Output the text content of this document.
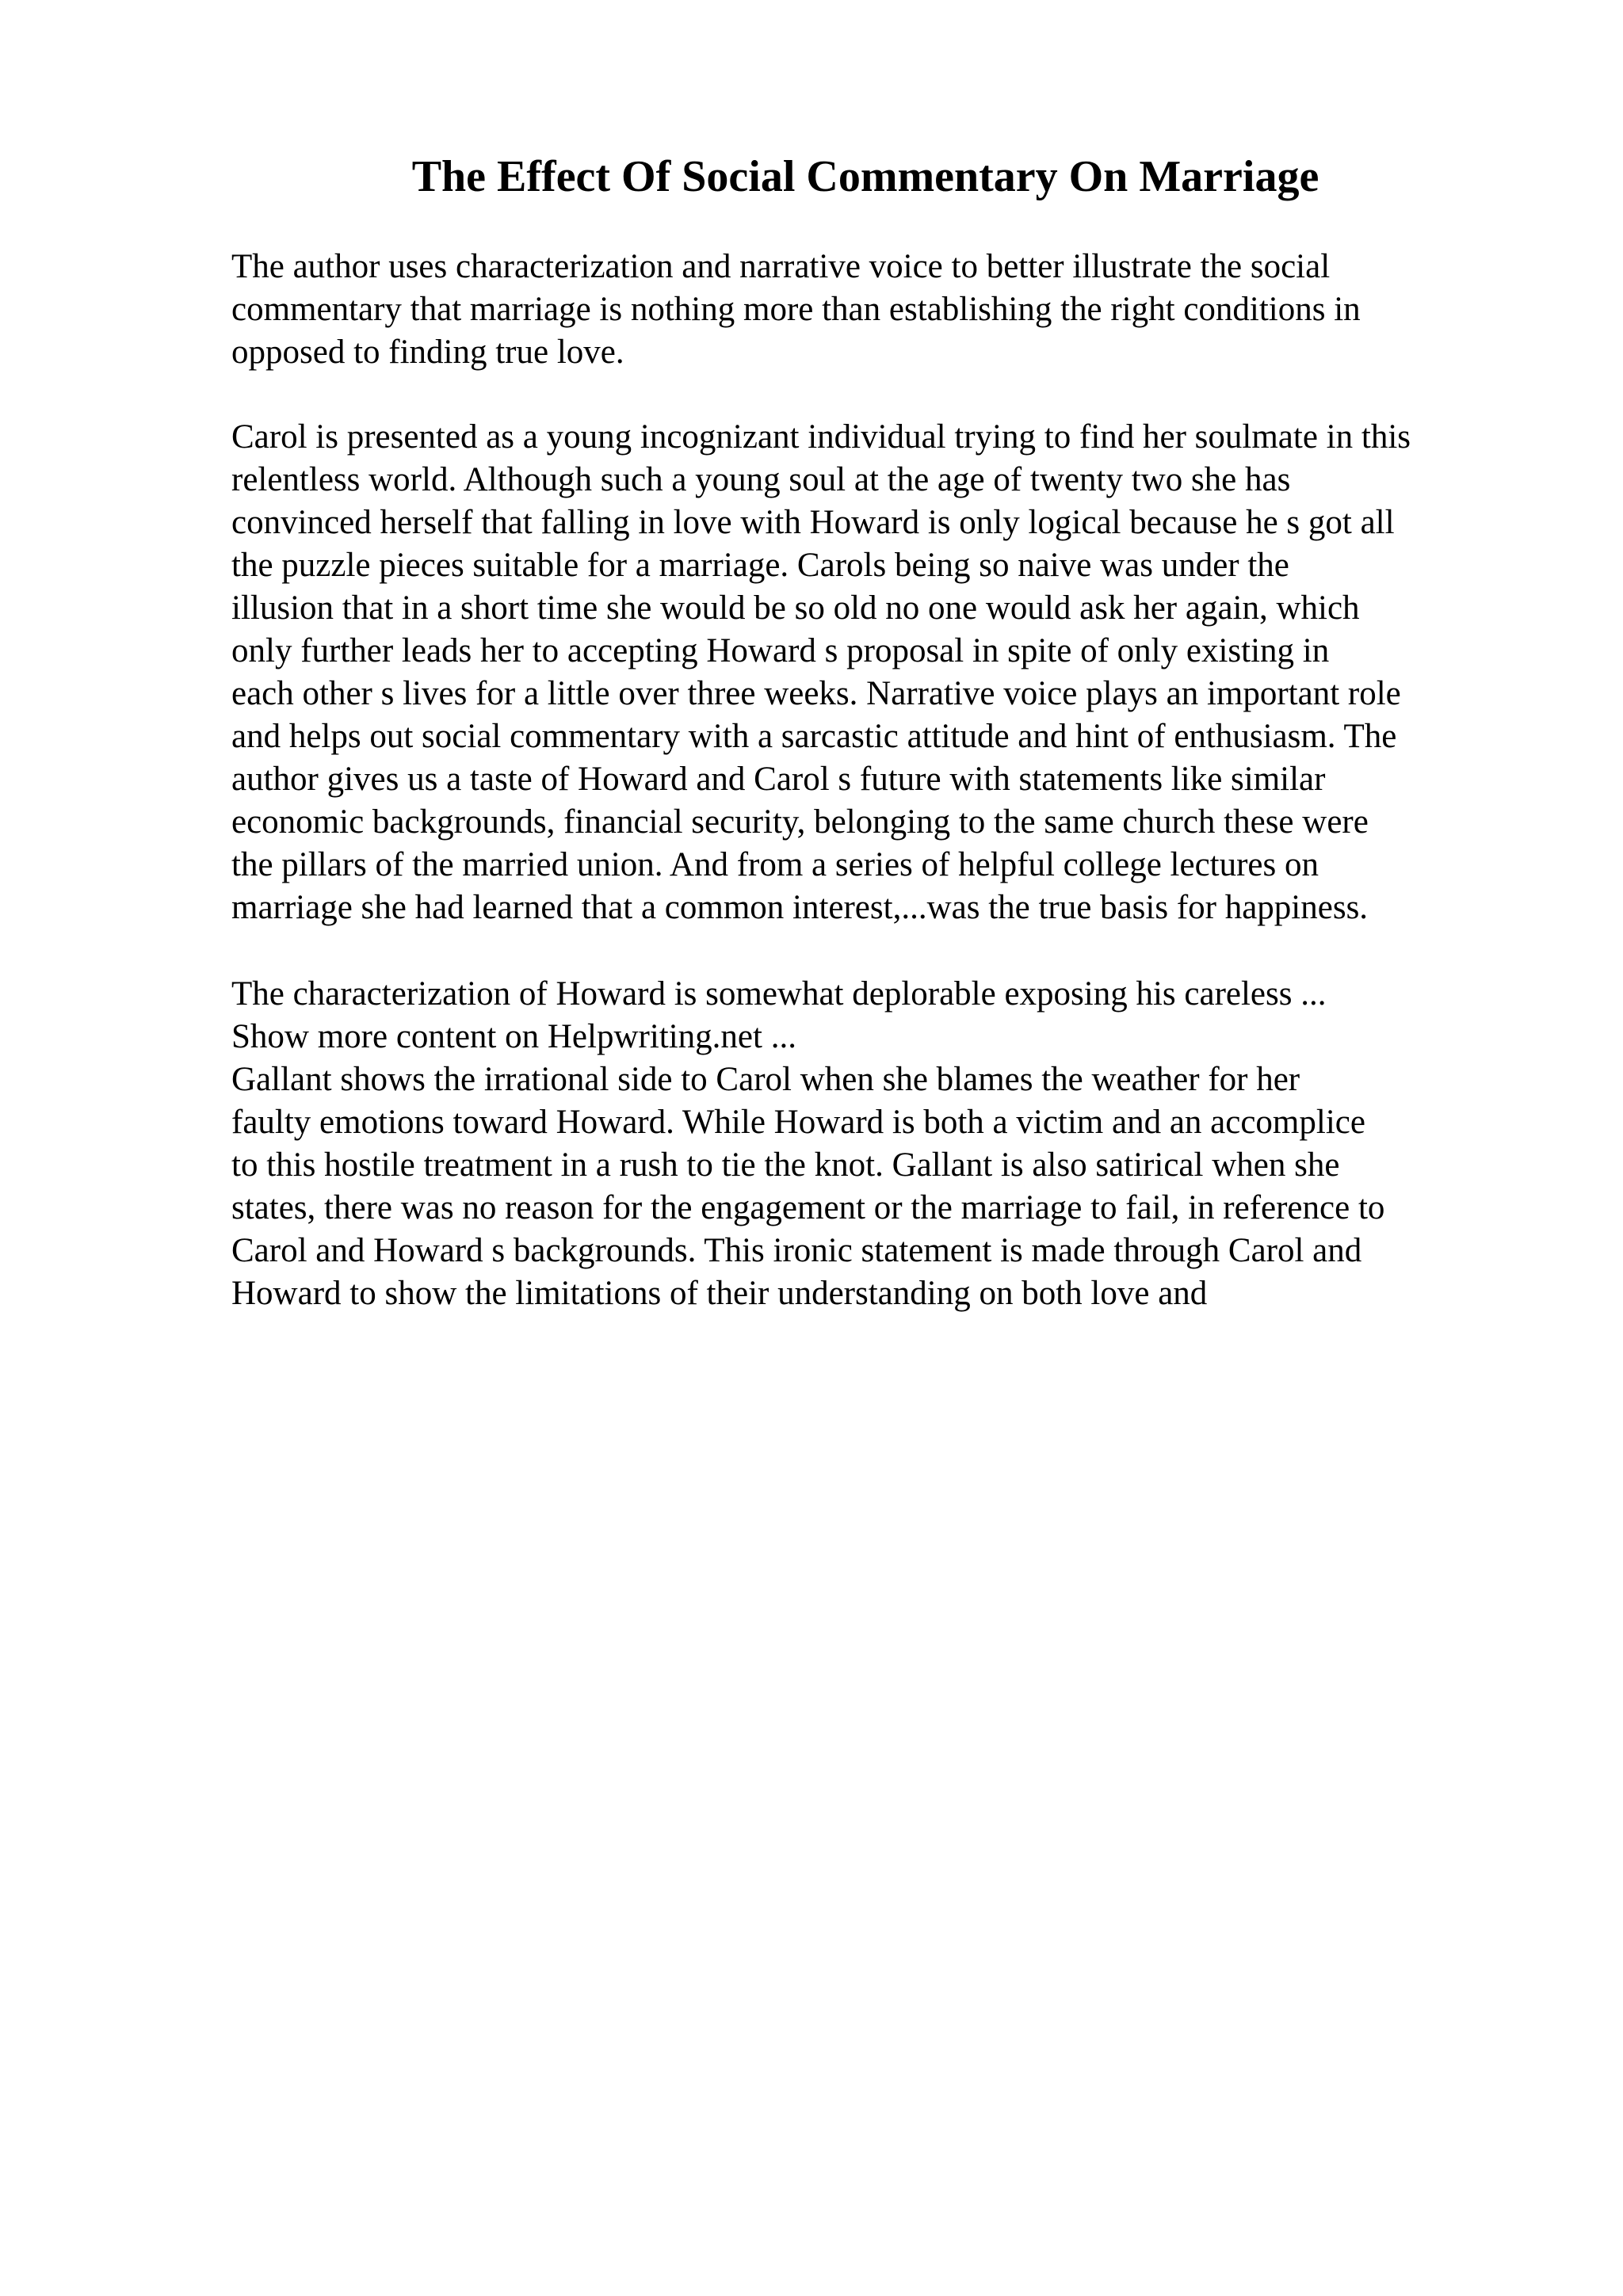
The Effect Of Social Commentary On Marriage
The author uses characterization and narrative voice to better illustrate the social
commentary that marriage is nothing more than establishing the right conditions in
opposed to finding true love.
Carol is presented as a young incognizant individual trying to find her soulmate in this
relentless world. Although such a young soul at the age of twenty two she has
convinced herself that falling in love with Howard is only logical because he s got all
the puzzle pieces suitable for a marriage. Carols being so naive was under the
illusion that in a short time she would be so old no one would ask her again, which
only further leads her to accepting Howard s proposal in spite of only existing in
each other s lives for a little over three weeks. Narrative voice plays an important role
and helps out social commentary with a sarcastic attitude and hint of enthusiasm. The
author gives us a taste of Howard and Carol s future with statements like similar
economic backgrounds, financial security, belonging to the same church these were
the pillars of the married union. And from a series of helpful college lectures on
marriage she had learned that a common interest,...was the true basis for happiness.
The characterization of Howard is somewhat deplorable exposing his careless ...
Show more content on Helpwriting.net ...
Gallant shows the irrational side to Carol when she blames the weather for her
faulty emotions toward Howard. While Howard is both a victim and an accomplice
to this hostile treatment in a rush to tie the knot. Gallant is also satirical when she
states, there was no reason for the engagement or the marriage to fail, in reference to
Carol and Howard s backgrounds. This ironic statement is made through Carol and
Howard to show the limitations of their understanding on both love and
